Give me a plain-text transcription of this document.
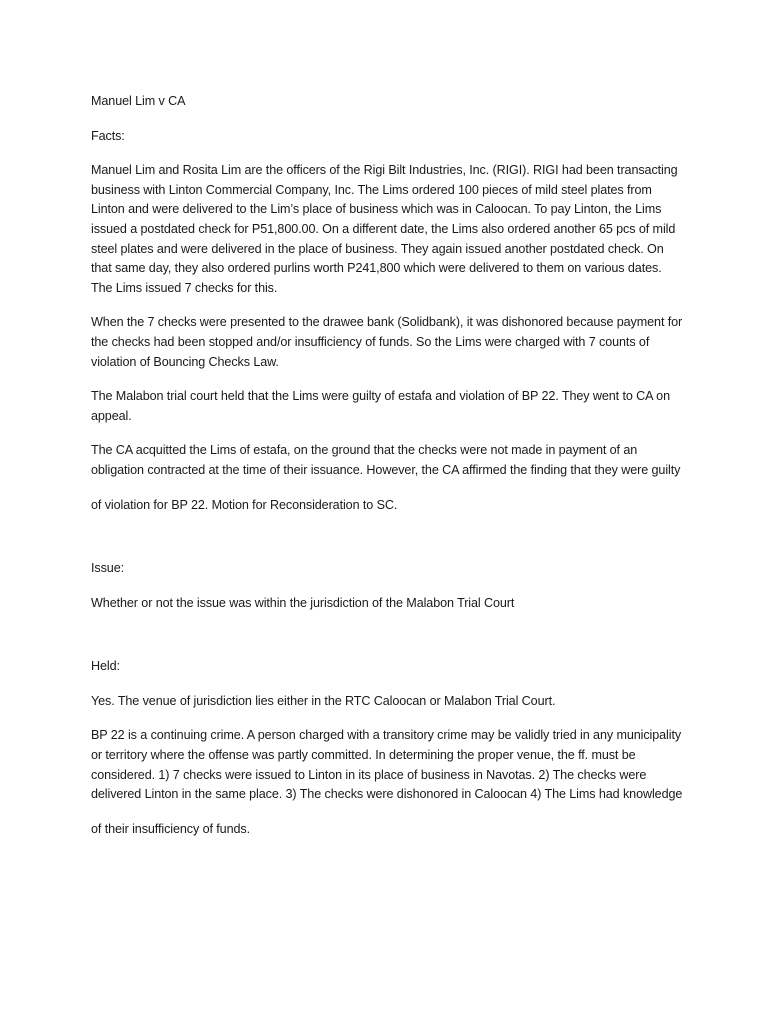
Manuel Lim v CA

Facts:

Manuel Lim and Rosita Lim are the officers of the Rigi Bilt Industries, Inc. (RIGI). RIGI had been transacting business with Linton Commercial Company, Inc. The Lims ordered 100 pieces of mild steel plates from Linton and were delivered to the Lim’s place of business which was in Caloocan. To pay Linton, the Lims issued a postdated check for P51,800.00. On a different date, the Lims also ordered another 65 pcs of mild steel plates and were delivered in the place of business. They again issued another postdated check. On that same day, they also ordered purlins worth P241,800 which were delivered to them on various dates. The Lims issued 7 checks for this.

When the 7 checks were presented to the drawee bank (Solidbank), it was dishonored because payment for the checks had been stopped and/or insufficiency of funds. So the Lims were charged with 7 counts of violation of Bouncing Checks Law.

The Malabon trial court held that the Lims were guilty of estafa and violation of BP 22. They went to CA on appeal.

The CA acquitted the Lims of estafa, on the ground that the checks were not made in payment of an obligation contracted at the time of their issuance. However, the CA affirmed the finding that they were guilty

of violation for BP 22. Motion for Reconsideration to SC.

Issue:

Whether or not the issue was within the jurisdiction of the Malabon Trial Court

Held:

Yes. The venue of jurisdiction lies either in the RTC Caloocan or Malabon Trial Court.

BP 22 is a continuing crime. A person charged with a transitory crime may be validly tried in any municipality or territory where the offense was partly committed. In determining the proper venue, the ff. must be considered. 1) 7 checks were issued to Linton in its place of business in Navotas. 2) The checks were delivered Linton in the same place. 3) The checks were dishonored in Caloocan 4) The Lims had knowledge

of their insufficiency of funds.
